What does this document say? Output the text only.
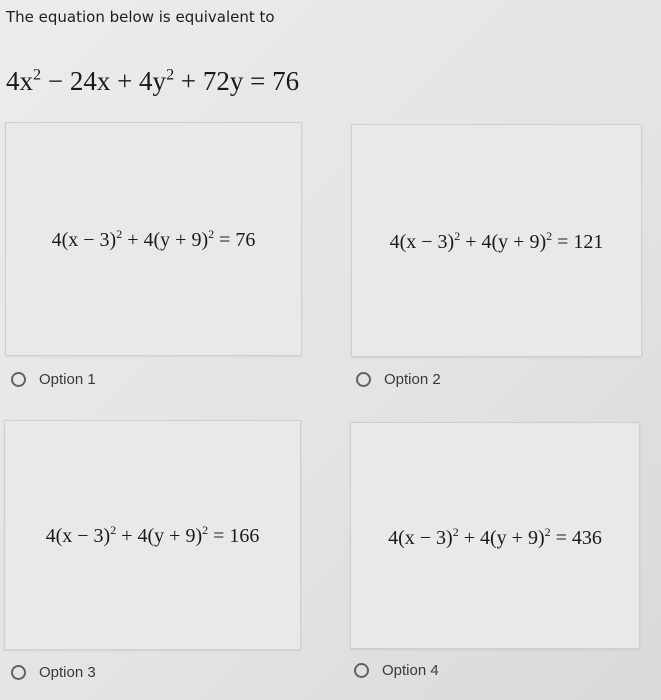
The equation below is equivalent to
$4x^2 - 24x + 4y^2 + 72y = 76$
$4(x - 3)^2 + 4(y + 9)^2 = 76$	$4(x - 3)^2 + 4(y + 9)^2 = 121$
$4(x - 3)^2 + 4(y + 9)^2 = 166$	$4(x - 3)^2 + 4(y + 9)^2 = 436$
Option 1	Option 2
Option 3	Option 4
